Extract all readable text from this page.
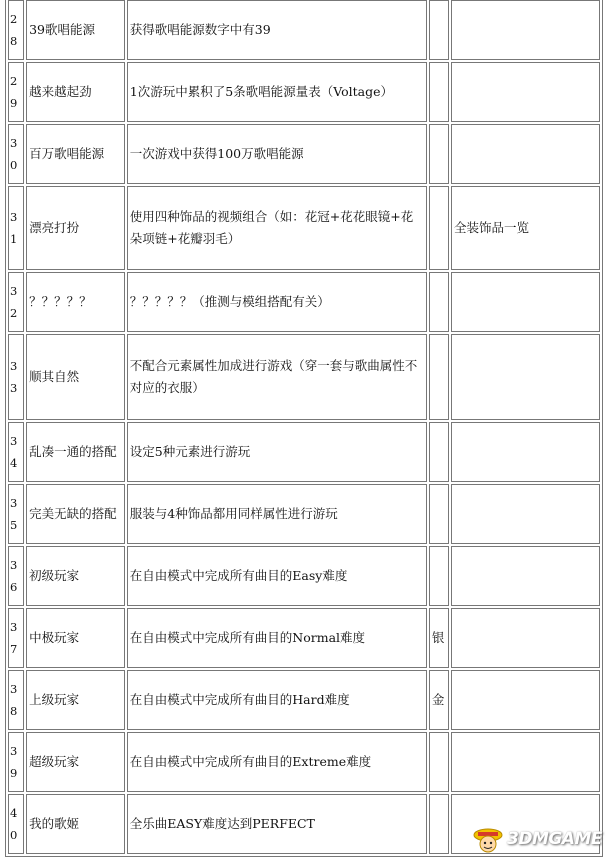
28	39歌唱能源	获得歌唱能源数字中有39		
29	越来越起劲	1次游玩中累积了5条歌唱能源量表（Voltage）		
30	百万歌唱能源	一次游戏中获得100万歌唱能源		
31	漂亮打扮	使用四种饰品的视频组合（如：花冠+花花眼镜+花朵项链+花瓣羽毛）		全装饰品一览
32	？？？？？	？？？？？（推测与模组搭配有关）		
33	顺其自然	不配合元素属性加成进行游戏（穿一套与歌曲属性不对应的衣服）		
34	乱凑一通的搭配	设定5种元素进行游玩		
35	完美无缺的搭配	服装与4种饰品都用同样属性进行游玩		
36	初级玩家	在自由模式中完成所有曲目的Easy难度		
37	中极玩家	在自由模式中完成所有曲目的Normal难度	银	
38	上级玩家	在自由模式中完成所有曲目的Hard难度	金	
39	超级玩家	在自由模式中完成所有曲目的Extreme难度		
40	我的歌姬	全乐曲EASY难度达到PERFECT		
3DMGAME
